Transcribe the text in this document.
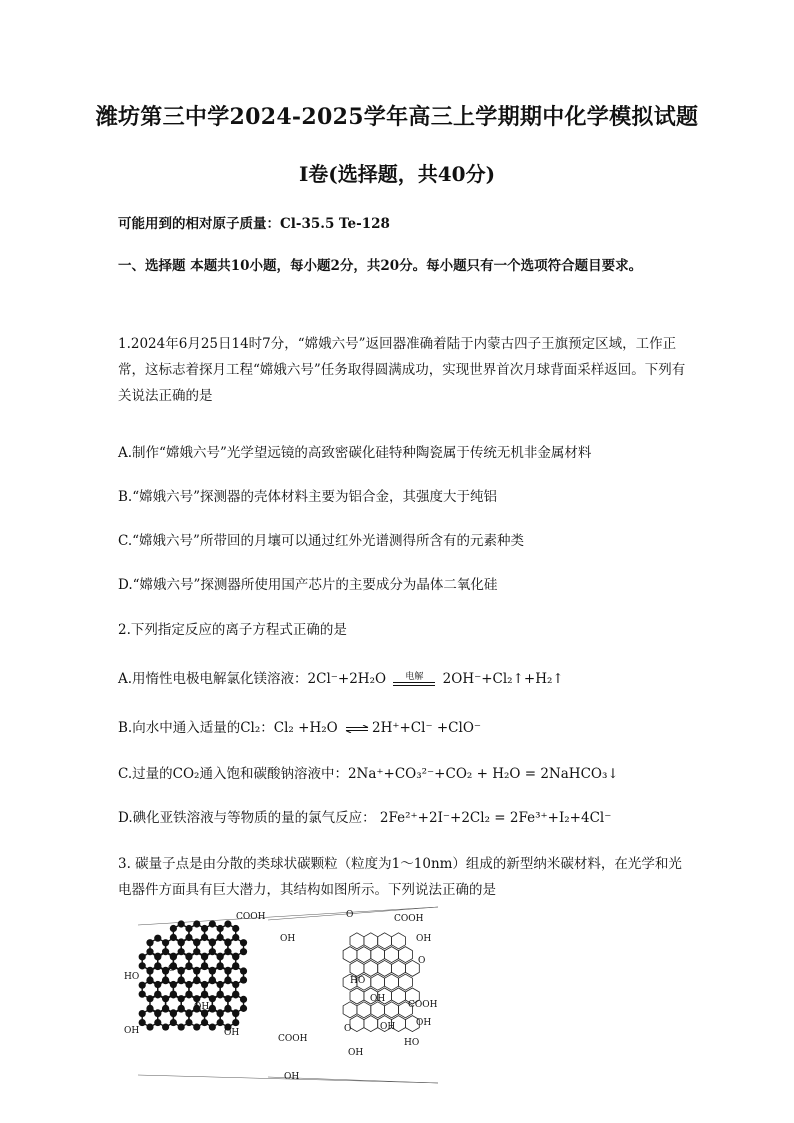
潍坊第三中学2024-2025学年高三上学期期中化学模拟试题
Ⅰ卷(选择题，共40分)
可能用到的相对原子质量：Cl-35.5 Te-128
一、选择题 本题共10小题，每小题2分，共20分。每小题只有一个选项符合题目要求。
1.2024年6月25日14时7分，“嫦娥六号”返回器准确着陆于内蒙古四子王旗预定区域，工作正常，这标志着探月工程“嫦娥六号”任务取得圆满成功，实现世界首次月球背面采样返回。下列有关说法正确的是
A.制作“嫦娥六号”光学望远镜的高致密碳化硅特种陶瓷属于传统无机非金属材料
B.“嫦娥六号”探测器的壳体材料主要为铝合金，其强度大于纯铝
C.“嫦娥六号”所带回的月壤可以通过红外光谱测得所含有的元素种类
D.“嫦娥六号”探测器所使用国产芯片的主要成分为晶体二氧化硅
2.下列指定反应的离子方程式正确的是
A.用惰性电极电解氯化镁溶液：2Cl⁻+2H₂O	电解	2OH⁻+Cl₂↑+H₂↑
B.向水中通入适量的Cl₂：Cl₂ +H₂O ⇌ 2H⁺+Cl⁻ +ClO⁻
C.过量的CO₂通入饱和碳酸钠溶液中：2Na⁺+CO₃²⁻+CO₂ + H₂O = 2NaHCO₃↓
D.碘化亚铁溶液与等物质的量的氯气反应： 2Fe²⁺+2I⁻+2Cl₂ = 2Fe³⁺+I₂+4Cl⁻
3. 碳量子点是由分散的类球状碳颗粒（粒度为1～10nm）组成的新型纳米碳材料，在光学和光电器件方面具有巨大潜力，其结构如图所示。下列说法正确的是
COOH
OH
HO
O
OH
OH
COOH
OH
O	COOH
OH
HO
OH
O
COOH
OH
OH
HO
O
OH
OH
